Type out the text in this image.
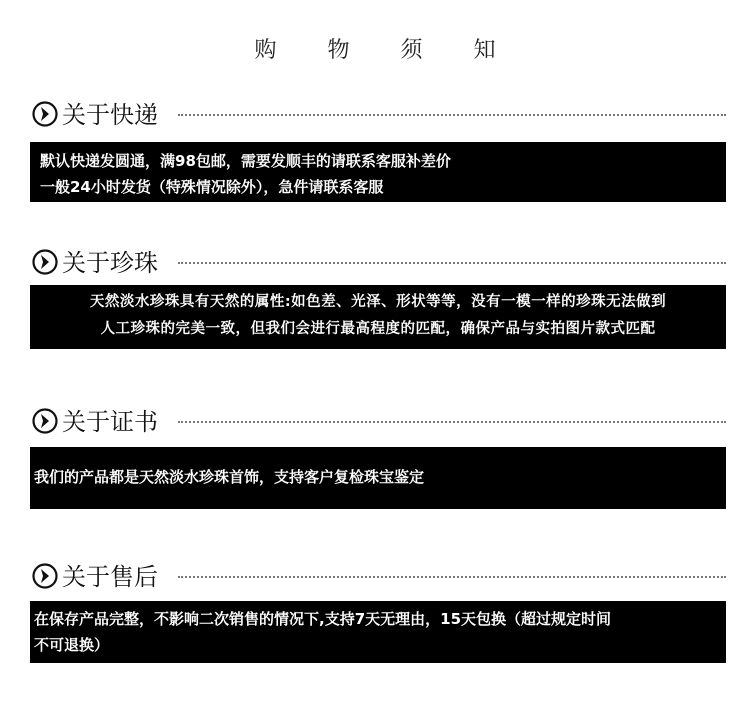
购 物 须 知
关于快递
默认快递发圆通，满98包邮，需要发顺丰的请联系客服补差价
一般24小时发货（特殊情况除外），急件请联系客服
关于珍珠
天然淡水珍珠具有天然的属性:如色差、光泽、形状等等，没有一模一样的珍珠无法做到
人工珍珠的完美一致，但我们会进行最高程度的匹配，确保产品与实拍图片款式匹配
关于证书
我们的产品都是天然淡水珍珠首饰，支持客户复检珠宝鉴定
关于售后
在保存产品完整，不影响二次销售的情况下,支持7天无理由，15天包换（超过规定时间
不可退换）
